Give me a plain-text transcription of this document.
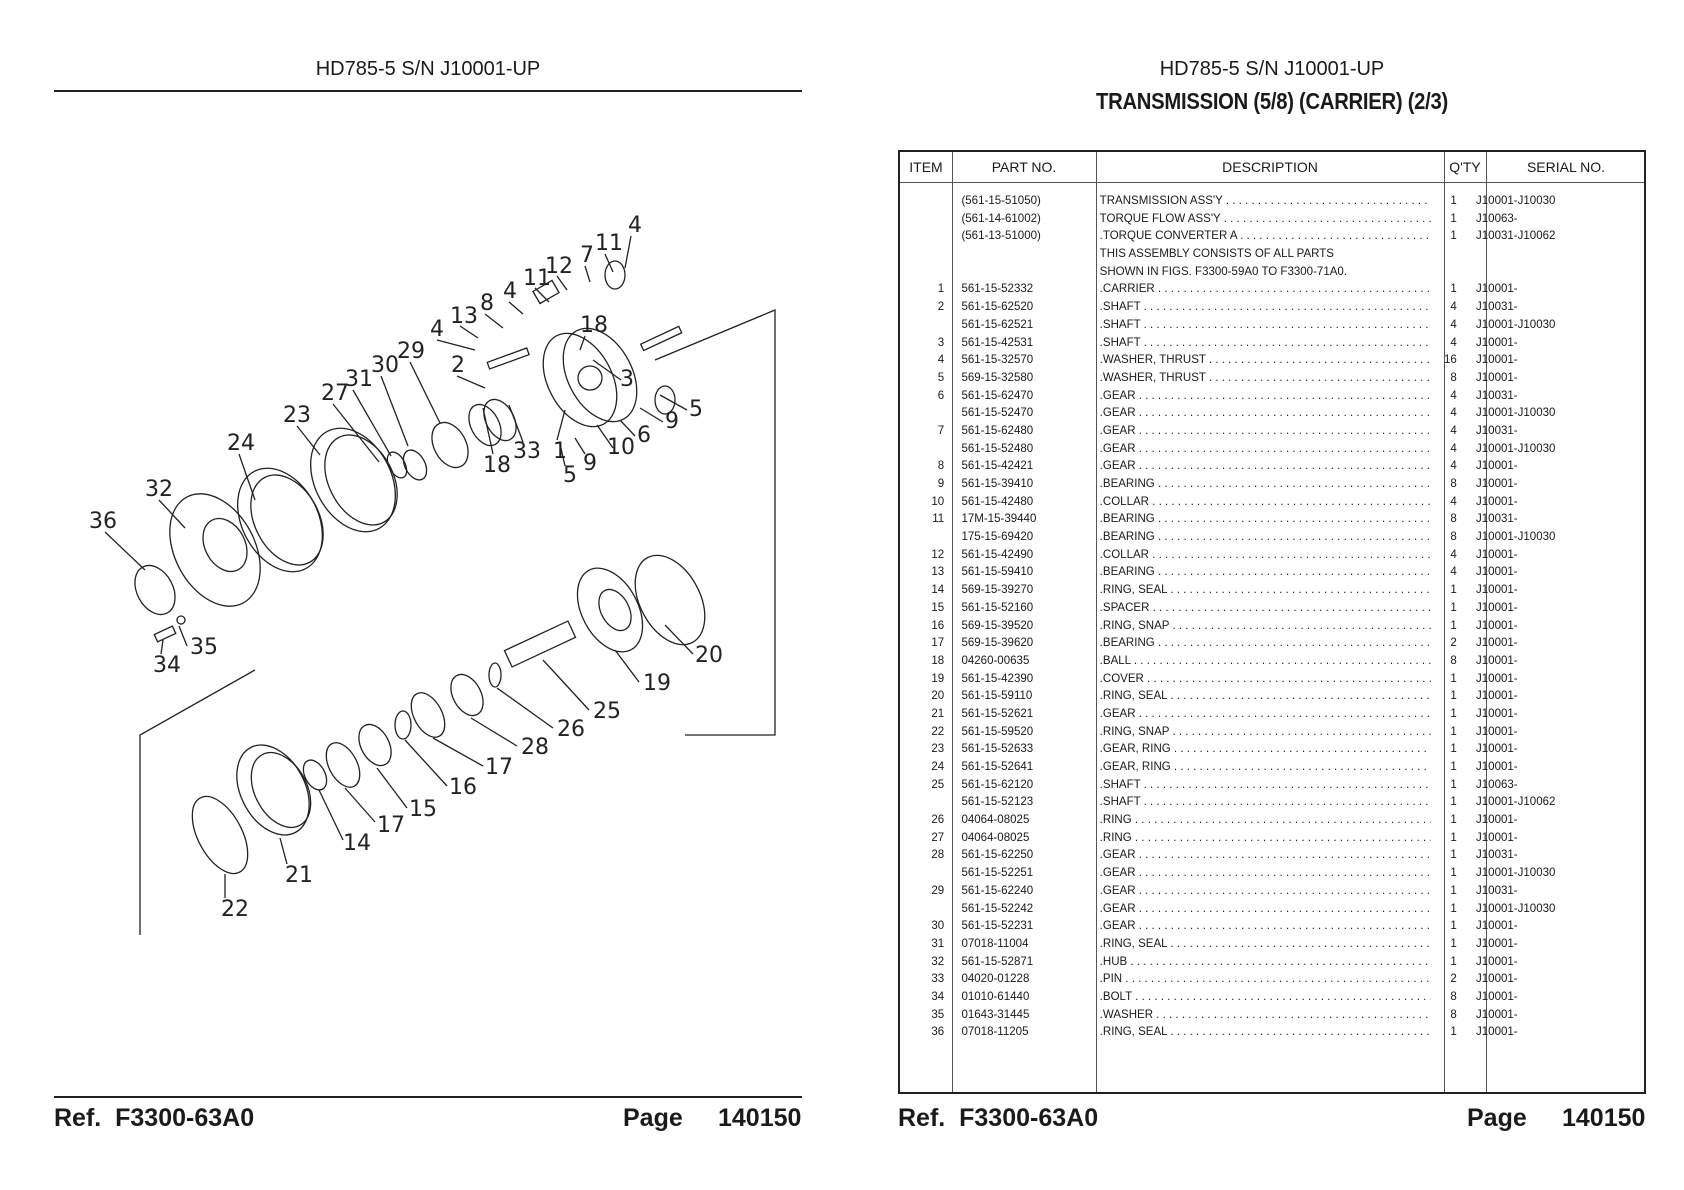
HD785-5 S/N J10001-UP
4
11
7
12
11
4
8
18
13
4
29
30
31
2
3
5
9
6
27
23
10
33 1 9
18 5
24
32
36
35
34	20
19
25
26
28
17
16
15
17
14
21
22
Ref.  F3300-63A0	Page 140150
HD785-5 S/N J10001-UP
TRANSMISSION (5/8) (CARRIER) (2/3)
ITEM	PART NO.	DESCRIPTION	Q'TY	SERIAL NO.
(561-15-51050)	TRANSMISSION ASS'Y . . .	1 J10001-J10030
(561-14-61002)	TORQUE FLOW ASS'Y . . .	1 J10063-
(561-13-51000)	.TORQUE CONVERTER A . . .	1 J10031-J10062
THIS ASSEMBLY CONSISTS OF ALL PARTS
SHOWN IN FIGS. F3300-59A0 TO F3300-71A0.
1 561-15-52332	.CARRIER . . .	1 J10001-
2 561-15-62520	.SHAFT . . .	4 J10031-
561-15-62521	.SHAFT . . .	4 J10001-J10030
3 561-15-42531	.SHAFT . . .	4 J10001-
4 561-15-32570	.WASHER, THRUST . . .	16 J10001-
5 569-15-32580	.WASHER, THRUST . . .	8 J10001-
6 561-15-62470	.GEAR . . .	4 J10031-
561-15-52470	.GEAR . . .	4 J10001-J10030
7 561-15-62480	.GEAR . . .	4 J10031-
561-15-52480	.GEAR . . .	4 J10001-J10030
8 561-15-42421	.GEAR . . .	4 J10001-
9 561-15-39410	.BEARING . . .	8 J10001-
10 561-15-42480	.COLLAR . . .	4 J10001-
11 17M-15-39440	.BEARING . . .	8 J10031-
175-15-69420	.BEARING . . .	8 J10001-J10030
12 561-15-42490	.COLLAR . . .	4 J10001-
13 561-15-59410	.BEARING . . .	4 J10001-
14 569-15-39270	.RING, SEAL . . .	1 J10001-
15 561-15-52160	.SPACER . . .	1 J10001-
16 569-15-39520	.RING, SNAP . . .	1 J10001-
17 569-15-39620	.BEARING . . .	2 J10001-
18 04260-00635	.BALL . . .	8 J10001-
19 561-15-42390	.COVER . . .	1 J10001-
20 561-15-59110	.RING, SEAL . . .	1 J10001-
21 561-15-52621	.GEAR . . .	1 J10001-
22 561-15-59520	.RING, SNAP . . .	1 J10001-
23 561-15-52633	.GEAR, RING . . .	1 J10001-
24 561-15-52641	.GEAR, RING . . .	1 J10001-
25 561-15-62120	.SHAFT . . .	1 J10063-
561-15-52123	.SHAFT . . .	1 J10001-J10062
26 04064-08025	.RING . . .	1 J10001-
27 04064-08025	.RING . . .	1 J10001-
28 561-15-62250	.GEAR . . .	1 J10031-
561-15-52251	.GEAR . . .	1 J10001-J10030
29 561-15-62240	.GEAR . . .	1 J10031-
561-15-52242	.GEAR . . .	1 J10001-J10030
30 561-15-52231	.GEAR . . .	1 J10001-
31 07018-11004	.RING, SEAL . . .	1 J10001-
32 561-15-52871	.HUB . . .	1 J10001-
33 04020-01228	.PIN . . .	2 J10001-
34 01010-61440	.BOLT . . .	8 J10001-
35 01643-31445	.WASHER . . .	8 J10001-
36 07018-11205	.RING, SEAL . . .	1 J10001-
Ref.  F3300-63A0	Page 140150
